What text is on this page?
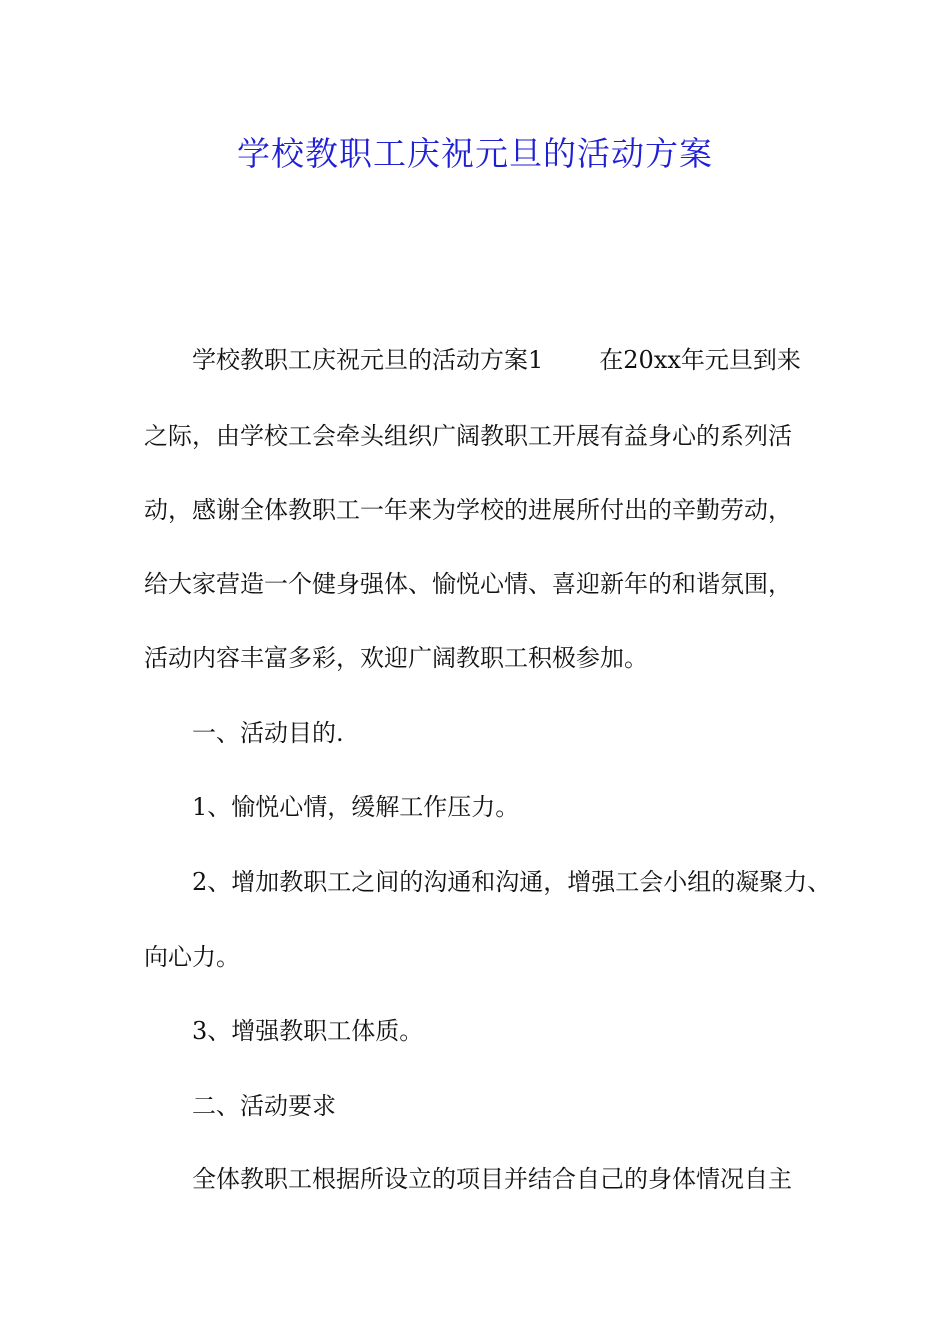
学校教职工庆祝元旦的活动方案
学校教职工庆祝元旦的活动方案1 在20xx年元旦到来
之际，由学校工会牵头组织广阔教职工开展有益身心的系列活
动，感谢全体教职工一年来为学校的进展所付出的辛勤劳动，
给大家营造一个健身强体、愉悦心情、喜迎新年的和谐氛围，
活动内容丰富多彩，欢迎广阔教职工积极参加。
一、活动目的.
1、愉悦心情，缓解工作压力。
2、增加教职工之间的沟通和沟通，增强工会小组的凝聚力、
向心力。
3、增强教职工体质。
二、活动要求
全体教职工根据所设立的项目并结合自己的身体情况自主
